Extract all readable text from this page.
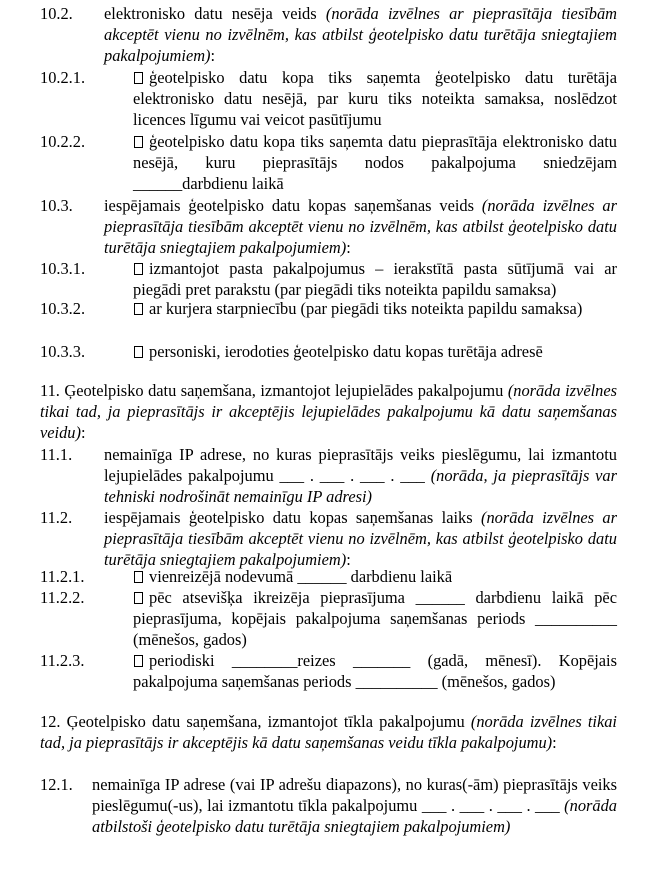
10.2. elektronisko datu nesēja veids (norāda izvēlnes ar pieprasītāja tiesībām akceptēt vienu no izvēlnēm, kas atbilst ģeotelpisko datu turētāja sniegtajiem pakalpojumiem):
10.2.1.	ģeotelpisko datu kopa tiks saņemta ģeotelpisko datu turētāja elektronisko datu nesējā, par kuru tiks noteikta samaksa, noslēdzot licences līgumu vai veicot pasūtījumu
10.2.2.	ģeotelpisko datu kopa tiks saņemta datu pieprasītāja elektronisko datu nesējā, kuru pieprasītājs nodos pakalpojuma sniedzējam ______darbdienu laikā
10.3. iespējamais ģeotelpisko datu kopas saņemšanas veids (norāda izvēlnes ar pieprasītāja tiesībām akceptēt vienu no izvēlnēm, kas atbilst ģeotelpisko datu turētāja sniegtajiem pakalpojumiem):
10.3.1.	izmantojot pasta pakalpojumus – ierakstītā pasta sūtījumā vai ar piegādi pret parakstu (par piegādi tiks noteikta papildu samaksa)
10.3.2.	ar kurjera starpniecību (par piegādi tiks noteikta papildu samaksa)
10.3.3.	personiski, ierodoties ģeotelpisko datu kopas turētāja adresē
11. Ģeotelpisko datu saņemšana, izmantojot lejupielādes pakalpojumu (norāda izvēlnes tikai tad, ja pieprasītājs ir akceptējis lejupielādes pakalpojumu kā datu saņemšanas veidu):
11.1. nemainīga IP adrese, no kuras pieprasītājs veiks pieslēgumu, lai izmantotu lejupielādes pakalpojumu ___ . ___ . ___ . ___ (norāda, ja pieprasītājs var tehniski nodrošināt nemainīgu IP adresi)
11.2. iespējamais ģeotelpisko datu kopas saņemšanas laiks (norāda izvēlnes ar pieprasītāja tiesībām akceptēt vienu no izvēlnēm, kas atbilst ģeotelpisko datu turētāja sniegtajiem pakalpojumiem):
11.2.1.	vienreizējā nodevumā ______ darbdienu laikā
11.2.2.	pēc atsevišķa ikreizēja pieprasījuma ______ darbdienu laikā pēc pieprasījuma, kopējais pakalpojuma saņemšanas periods __________ (mēnešos, gados)
11.2.3.	periodiski ________reizes _______ (gadā, mēnesī). Kopējais pakalpojuma saņemšanas periods __________ (mēnešos, gados)
12. Ģeotelpisko datu saņemšana, izmantojot tīkla pakalpojumu (norāda izvēlnes tikai tad, ja pieprasītājs ir akceptējis kā datu saņemšanas veidu tīkla pakalpojumu):
12.1. nemainīga IP adrese (vai IP adrešu diapazons), no kuras(-ām) pieprasītājs veiks pieslēgumu(-us), lai izmantotu tīkla pakalpojumu ___ . ___ . ___ . ___ (norāda atbilstoši ģeotelpisko datu turētāja sniegtajiem pakalpojumiem)
